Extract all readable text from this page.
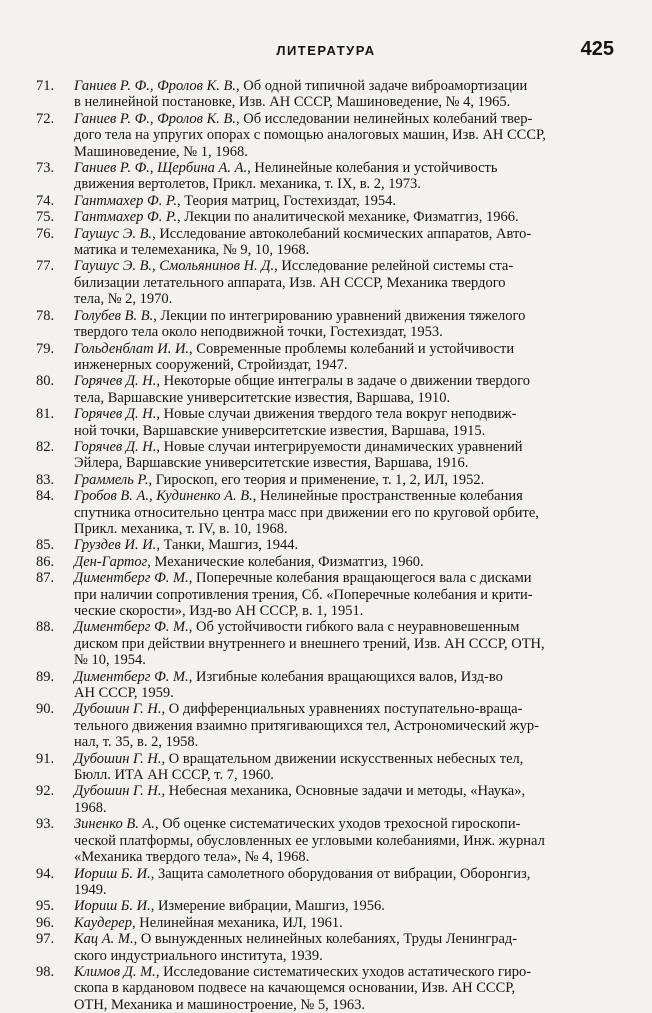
ЛИТЕРАТУРА	425
71.	Ганиев Р. Ф., Фролов К. В., Об одной типичной задаче виброамортизации
в нелинейной постановке, Изв. АН СССР, Машиноведение, № 4, 1965.
72.	Ганиев Р. Ф., Фролов К. В., Об исследовании нелинейных колебаний твер-
дого тела на упругих опорах с помощью аналоговых машин, Изв. АН СССР,
Машиноведение, № 1, 1968.
73.	Ганиев Р. Ф., Щербина А. А., Нелинейные колебания и устойчивость
движения вертолетов, Прикл. механика, т. IX, в. 2, 1973.
74.	Гантмахер Ф. Р., Теория матриц, Гостехиздат, 1954.
75.	Гантмахер Ф. Р., Лекции по аналитической механике, Физматгиз, 1966.
76.	Гаушус Э. В., Исследование автоколебаний космических аппаратов, Авто-
матика и телемеханика, № 9, 10, 1968.
77.	Гаушус Э. В., Смольянинов Н. Д., Исследование релейной системы ста-
билизации летательного аппарата, Изв. АН СССР, Механика твердого
тела, № 2, 1970.
78.	Голубев В. В., Лекции по интегрированию уравнений движения тяжелого
твердого тела около неподвижной точки, Гостехиздат, 1953.
79.	Гольденблат И. И., Современные проблемы колебаний и устойчивости
инженерных сооружений, Стройиздат, 1947.
80.	Горячев Д. Н., Некоторые общие интегралы в задаче о движении твердого
тела, Варшавские университетские известия, Варшава, 1910.
81.	Горячев Д. Н., Новые случаи движения твердого тела вокруг неподвиж-
ной точки, Варшавские университетские известия, Варшава, 1915.
82.	Горячев Д. Н., Новые случаи интегрируемости динамических уравнений
Эйлера, Варшавские университетские известия, Варшава, 1916.
83.	Граммель Р., Гироскоп, его теория и применение, т. 1, 2, ИЛ, 1952.
84.	Гробов В. А., Кудиненко А. В., Нелинейные пространственные колебания
спутника относительно центра масс при движении его по круговой орбите,
Прикл. механика, т. IV, в. 10, 1968.
85.	Груздев И. И., Танки, Машгиз, 1944.
86.	Ден-Гартог, Механические колебания, Физматгиз, 1960.
87.	Диментберг Ф. М., Поперечные колебания вращающегося вала с дисками
при наличии сопротивления трения, Сб. «Поперечные колебания и крити-
ческие скорости», Изд-во АН СССР, в. 1, 1951.
88.	Диментберг Ф. М., Об устойчивости гибкого вала с неуравновешенным
диском при действии внутреннего и внешнего трений, Изв. АН СССР, ОТН,
№ 10, 1954.
89.	Диментберг Ф. М., Изгибные колебания вращающихся валов, Изд-во
АН СССР, 1959.
90.	Дубошин Г. Н., О дифференциальных уравнениях поступательно-враща-
тельного движения взаимно притягивающихся тел, Астрономический жур-
нал, т. 35, в. 2, 1958.
91.	Дубошин Г. Н., О вращательном движении искусственных небесных тел,
Бюлл. ИТА АН СССР, т. 7, 1960.
92.	Дубошин Г. Н., Небесная механика, Основные задачи и методы, «Наука»,
1968.
93.	Зиненко В. А., Об оценке систематических уходов трехосной гироскопи-
ческой платформы, обусловленных ее угловыми колебаниями, Инж. журнал
«Механика твердого тела», № 4, 1968.
94.	Иориш Б. И., Защита самолетного оборудования от вибрации, Оборонгиз,
1949.
95.	Иориш Б. И., Измерение вибрации, Машгиз, 1956.
96.	Каудерер, Нелинейная механика, ИЛ, 1961.
97.	Кац А. М., О вынужденных нелинейных колебаниях, Труды Ленинград-
ского индустриального института, 1939.
98.	Климов Д. М., Исследование систематических уходов астатического гиро-
скопа в кардановом подвесе на качающемся основании, Изв. АН СССР,
ОТН, Механика и машиностроение, № 5, 1963.
